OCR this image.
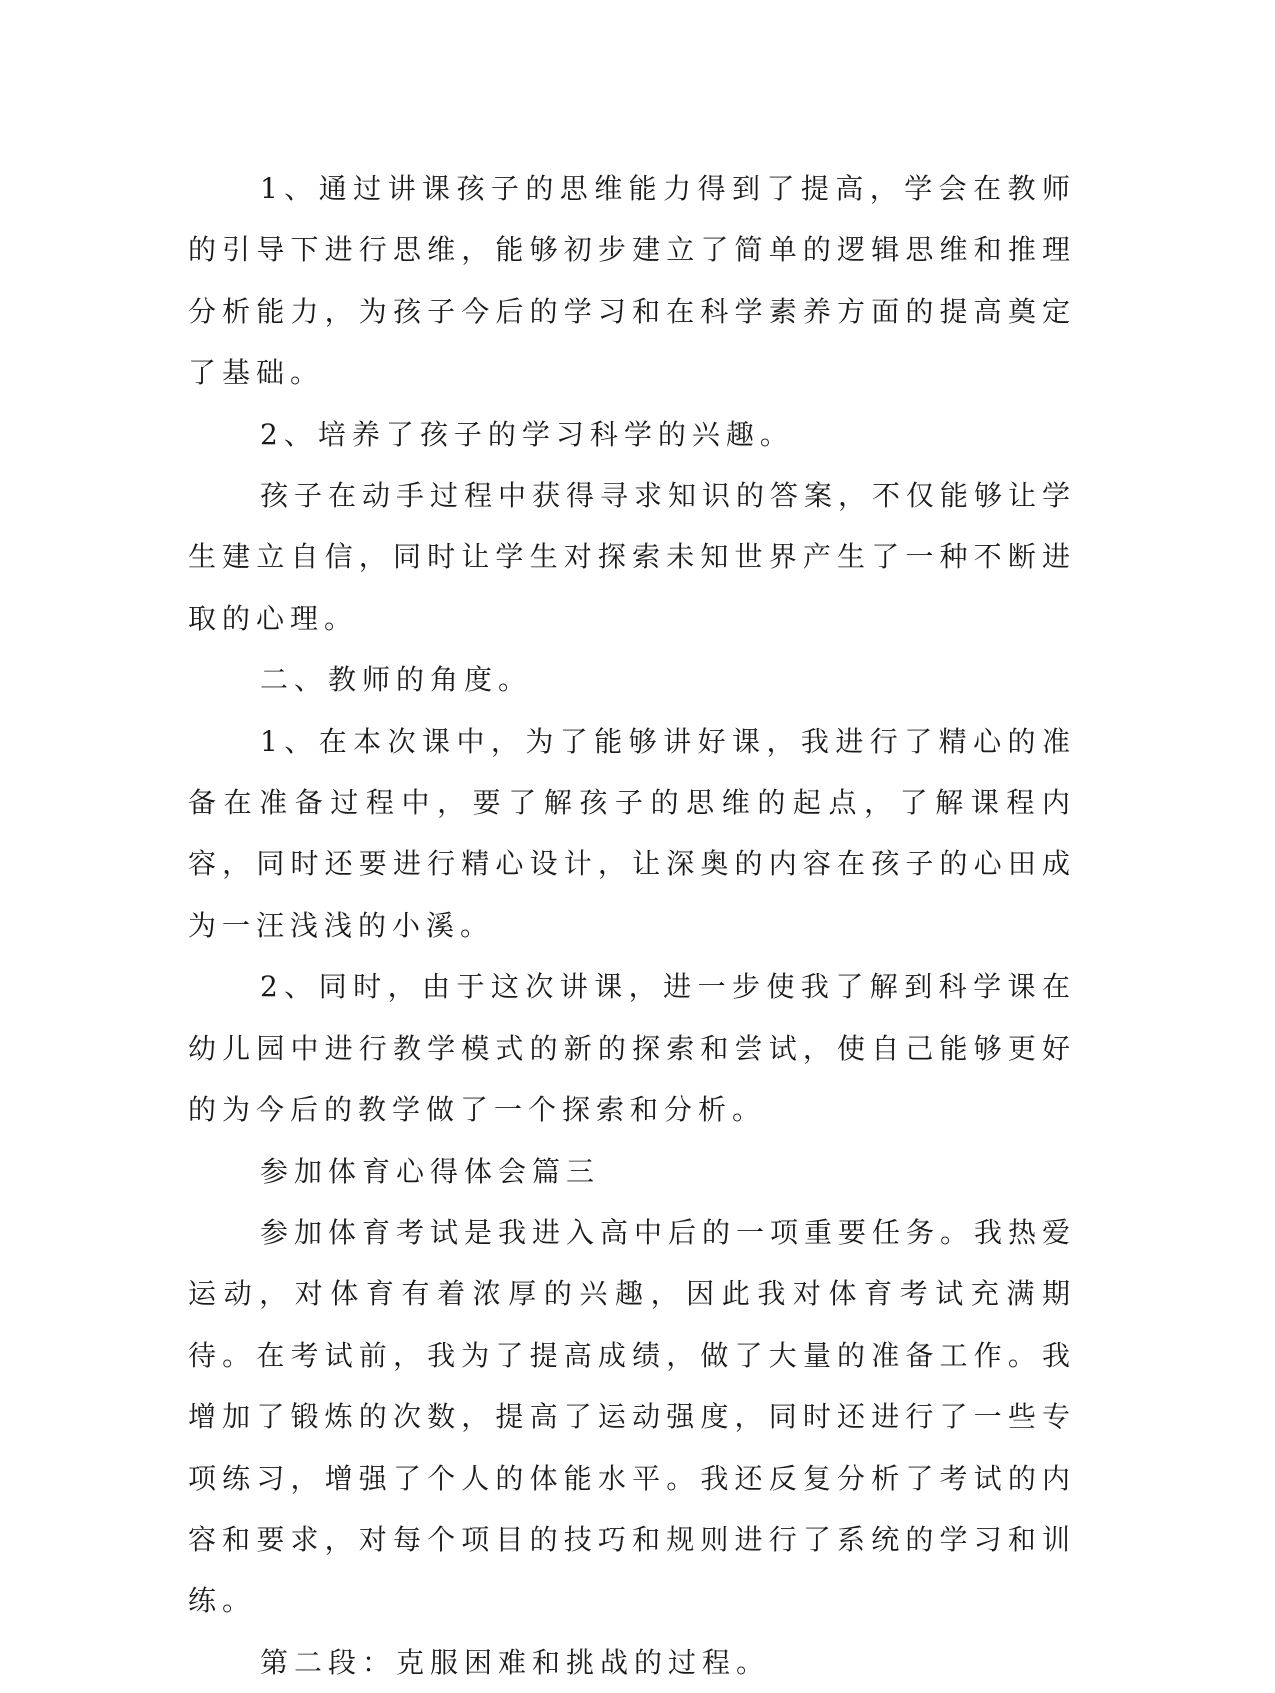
1、通过讲课孩子的思维能力得到了提高，学会在教师的引导下进行思维，能够初步建立了简单的逻辑思维和推理分析能力，为孩子今后的学习和在科学素养方面的提高奠定了基础。

2、培养了孩子的学习科学的兴趣。

孩子在动手过程中获得寻求知识的答案，不仅能够让学生建立自信，同时让学生对探索未知世界产生了一种不断进取的心理。

二、教师的角度。

1、在本次课中，为了能够讲好课，我进行了精心的准备在准备过程中，要了解孩子的思维的起点，了解课程内容，同时还要进行精心设计，让深奥的内容在孩子的心田成为一汪浅浅的小溪。

2、同时，由于这次讲课，进一步使我了解到科学课在幼儿园中进行教学模式的新的探索和尝试，使自己能够更好的为今后的教学做了一个探索和分析。

参加体育心得体会篇三

参加体育考试是我进入高中后的一项重要任务。我热爱运动，对体育有着浓厚的兴趣，因此我对体育考试充满期待。在考试前，我为了提高成绩，做了大量的准备工作。我增加了锻炼的次数，提高了运动强度，同时还进行了一些专项练习，增强了个人的体能水平。我还反复分析了考试的内容和要求，对每个项目的技巧和规则进行了系统的学习和训练。

第二段：克服困难和挑战的过程。
